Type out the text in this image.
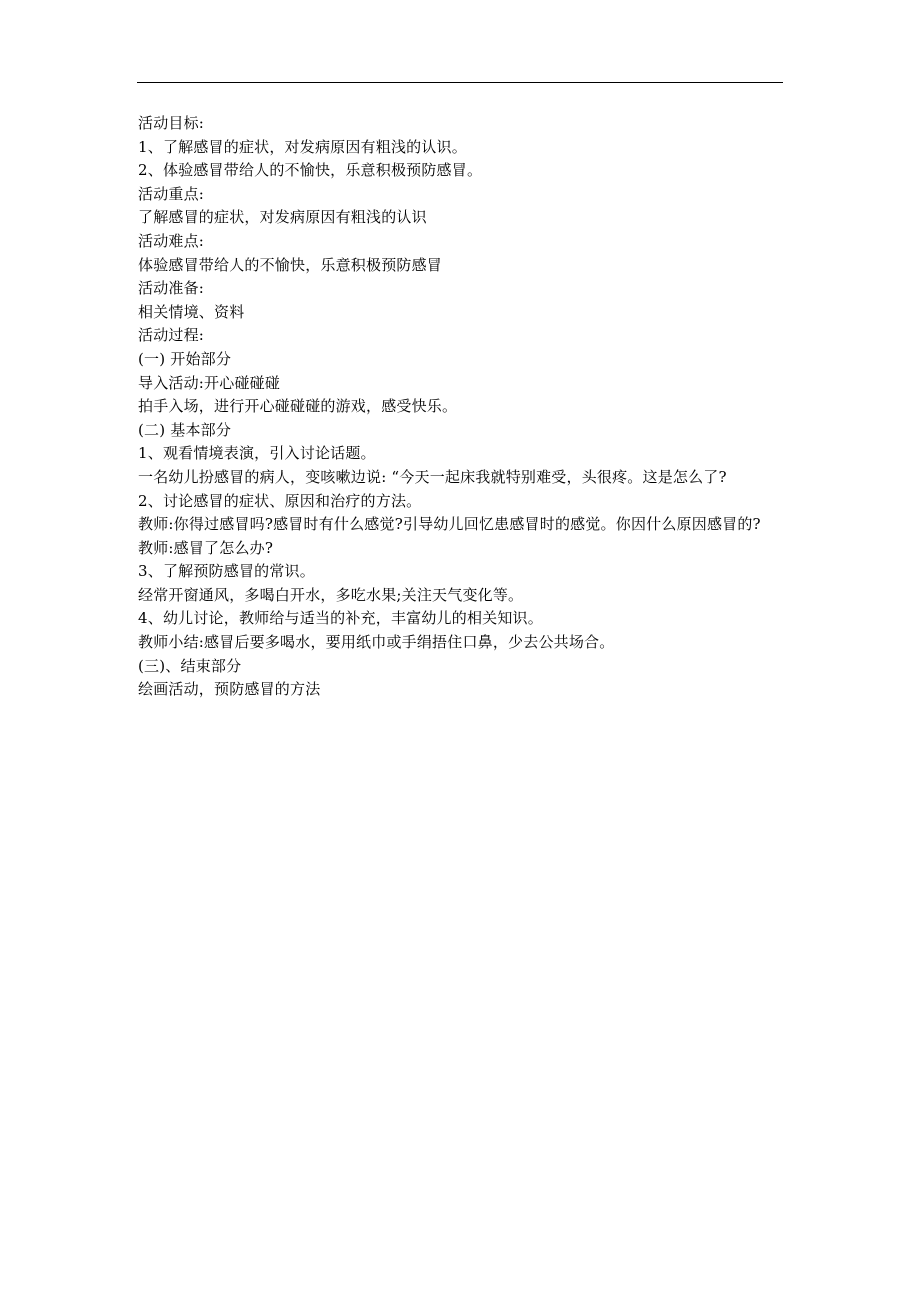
活动目标:
1、了解感冒的症状，对发病原因有粗浅的认识。
2、体验感冒带给人的不愉快，乐意积极预防感冒。
活动重点:
了解感冒的症状，对发病原因有粗浅的认识
活动难点:
体验感冒带给人的不愉快，乐意积极预防感冒
活动准备:
相关情境、资料
活动过程:
(一) 开始部分
导入活动:开心碰碰碰
拍手入场，进行开心碰碰碰的游戏，感受快乐。
(二) 基本部分
1、观看情境表演，引入讨论话题。
一名幼儿扮感冒的病人，变咳嗽边说: “今天一起床我就特别难受，头很疼。这是怎么了?
2、讨论感冒的症状、原因和治疗的方法。
教师:你得过感冒吗?感冒时有什么感觉?引导幼儿回忆患感冒时的感觉。你因什么原因感冒的?
教师:感冒了怎么办?
3、了解预防感冒的常识。
经常开窗通风，多喝白开水，多吃水果;关注天气变化等。
4、幼儿讨论，教师给与适当的补充，丰富幼儿的相关知识。
教师小结:感冒后要多喝水，要用纸巾或手绢捂住口鼻，少去公共场合。
(三)、结束部分
绘画活动，预防感冒的方法
